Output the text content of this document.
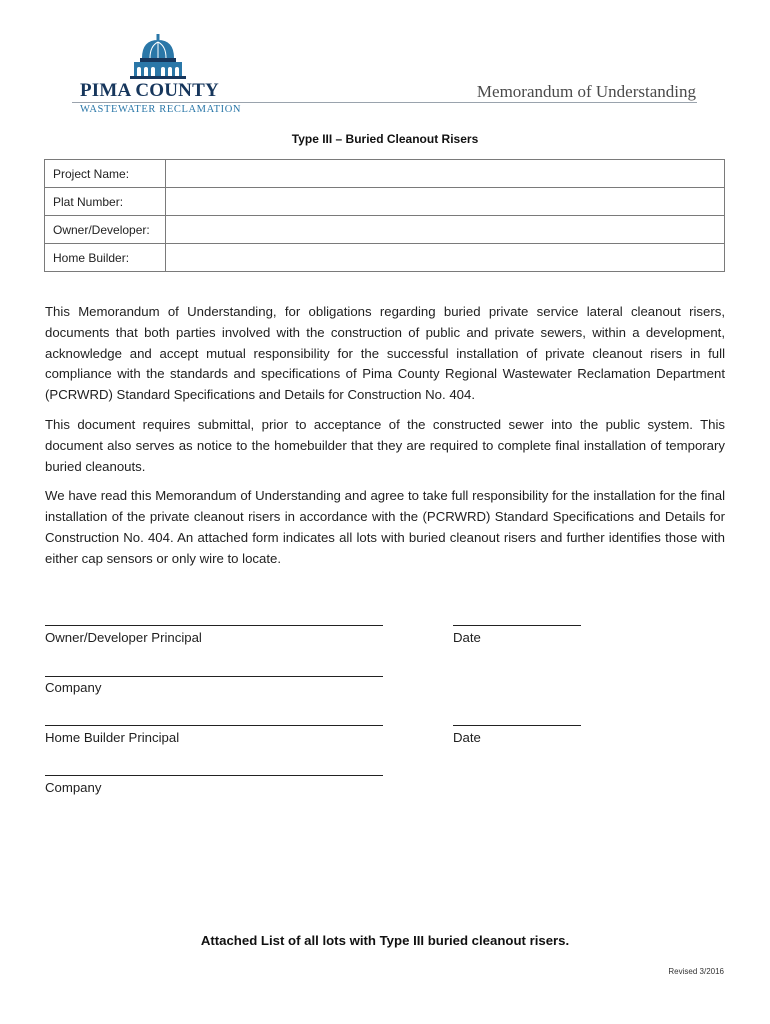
PIMA COUNTY
WASTEWATER RECLAMATION
Memorandum of Understanding
Type III – Buried Cleanout Risers
Project Name:	
Plat Number:	
Owner/Developer:	
Home Builder:	

This Memorandum of Understanding, for obligations regarding buried private service lateral cleanout risers, documents that both parties involved with the construction of public and private sewers, within a development, acknowledge and accept mutual responsibility for the successful installation of private cleanout risers in full compliance with the standards and specifications of Pima County Regional Wastewater Reclamation Department (PCRWRD) Standard Specifications and Details for Construction No. 404.

This document requires submittal, prior to acceptance of the constructed sewer into the public system. This document also serves as notice to the homebuilder that they are required to complete final installation of temporary buried cleanouts.

We have read this Memorandum of Understanding and agree to take full responsibility for the installation for the final installation of the private cleanout risers in accordance with the (PCRWRD) Standard Specifications and Details for Construction No. 404. An attached form indicates all lots with buried cleanout risers and further identifies those with either cap sensors or only wire to locate.

Owner/Developer Principal	Date
Company
Home Builder Principal	Date
Company
Attached List of all lots with Type III buried cleanout risers.
Revised 3/2016
